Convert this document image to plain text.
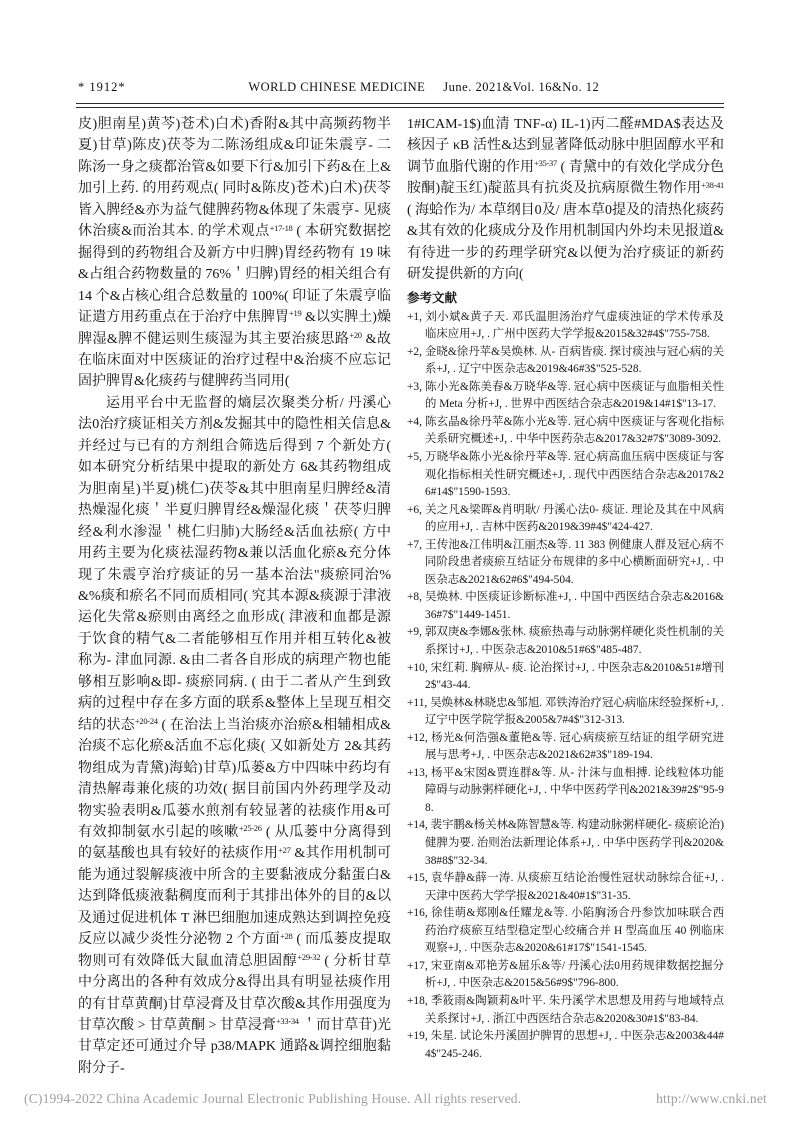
* 1912*	WORLD CHINESE MEDICINE June. 2021&Vol. 16&No. 12

皮)胆南星)黄芩)苍术)白术)香附&其中高频药物半夏)甘草)陈皮)茯苓为二陈汤组成&印证朱震亨- 二陈汤一身之痰都治管&如要下行&加引下药&在上&加引上药. 的用药观点( 同时&陈皮)苍术)白术)茯苓皆入脾经&亦为益气健脾药物&体现了朱震亨- 见痰休治痰&而治其本. 的学术观点$^{+17-18}$ ( 本研究数据挖掘得到的药物组合及新方中归脾)胃经药物有 19 味&占组合药物数量的 76%＇归脾)胃经的相关组合有 14 个&占核心组合总数量的 100%( 印证了朱震亨临证遣方用药重点在于治疗中焦脾胃$^{+19}$ &以实脾土)燥脾湿&脾不健运则生痰湿为其主要治痰思路$^{+20}$ &故在临床面对中医痰证的治疗过程中&治痰不应忘记固护脾胃&化痰药与健脾药当同用(

运用平台中无监督的熵层次聚类分析/ 丹溪心法0治疗痰证相关方剂&发掘其中的隐性相关信息&并经过与已有的方剂组合筛选后得到 7 个新处方( 如本研究分析结果中提取的新处方 6&其药物组成为胆南星)半夏)桃仁)茯苓&其中胆南星归脾经&清热燥湿化痰＇半夏归脾胃经&燥湿化痰＇茯苓归脾经&利水渗湿＇桃仁归肺)大肠经&活血祛瘀( 方中用药主要为化痰祛湿药物&兼以活血化瘀&充分体现了朱震亨治疗痰证的另一基本治法"痰瘀同治%&%痰和瘀名不同而质相同( 究其本源&痰源于津液运化失常&瘀则由离经之血形成( 津液和血都是源于饮食的精气&二者能够相互作用并相互转化&被称为- 津血同源. &由二者各自形成的病理产物也能够相互影响&即- 痰瘀同病. ( 由于二者从产生到致病的过程中存在多方面的联系&整体上呈现互相交结的状态$^{+20-24}$ ( 在治法上当治痰亦治瘀&相辅相成&治痰不忘化瘀&活血不忘化痰( 又如新处方 2&其药物组成为青黛)海蛤)甘草)瓜蒌&方中四味中药均有清热解毒兼化痰的功效( 据目前国内外药理学及动物实验表明&瓜蒌水煎剂有较显著的祛痰作用&可有效抑制氨水引起的咳嗽$^{+25-26}$ ( 从瓜蒌中分离得到的氨基酸也具有较好的祛痰作用$^{+27}$ &其作用机制可能为通过裂解痰液中所含的主要黏液成分黏蛋白&达到降低痰液黏稠度而利于其排出体外的目的&以及通过促进机体 T 淋巴细胞加速成熟达到调控免疫反应以减少炎性分泌物 2 个方面$^{+28}$ ( 而瓜蒌皮提取物则可有效降低大鼠血清总胆固醇$^{+29-32}$ ( 分析甘草中分离出的各种有效成分&得出具有明显祛痰作用的有甘草黄酮)甘草浸膏及甘草次酸&其作用强度为甘草次酸 > 甘草黄酮 > 甘草浸膏$^{+33-34}$ ＇而甘草苷)光甘草定还可通过介导 p38/MAPK 通路&调控细胞黏附分子-

1#ICAM-1$)血清 TNF-α) IL-1)丙二醛#MDA$表达及核因子 κB 活性&达到显著降低动脉中胆固醇水平和调节血脂代谢的作用$^{+35-37}$ ( 青黛中的有效化学成分色胺酮)靛玉红)靛蓝具有抗炎及抗病原微生物作用$^{+38-41}$ ( 海蛤作为/ 本草纲目0及/ 唐本草0提及的清热化痰药&其有效的化痰成分及作用机制国内外均未见报道&有待进一步的药理学研究&以便为治疗痰证的新药研发提供新的方向(

参考文献

+1, 刘小斌&黄子天. 邓氏温胆汤治疗气虚痰浊证的学术传承及临床应用+J, . 广州中医药大学学报&2015&32#4$"755-758.

+2, 金晓&徐丹苹&吴焕林. 从- 百病皆痰. 探讨痰浊与冠心病的关系+J, . 辽宁中医杂志&2019&46#3$"525-528.

+3, 陈小光&陈美春&万晓华&等. 冠心病中医痰证与血脂相关性的 Meta 分析+J, . 世界中西医结合杂志&2019&14#1$"13-17.

+4, 陈玄晶&徐丹苹&陈小光&等. 冠心病中医痰证与客观化指标关系研究概述+J, . 中华中医药杂志&2017&32#7$"3089-3092.

+5, 万晓华&陈小光&徐丹苹&等. 冠心病高血压病中医痰证与客观化指标相关性研究概述+J, . 现代中西医结合杂志&2017&26#14$"1590-1593.

+6, 关之凡&梁晖&肖明耿/ 丹溪心法0- 痰证. 理论及其在中风病的应用+J, . 吉林中医药&2019&39#4$"424-427.

+7, 王传池&冮伟明&江丽杰&等. 11 383 例健康人群及冠心病不同阶段患者痰瘀互结证分布规律的多中心横断面研究+J, . 中医杂志&2021&62#6$"494-504.

+8, 吴焕林. 中医痰证诊断标准+J, . 中国中西医结合杂志&2016&36#7$"1449-1451.

+9, 郭双庚&李娜&张林. 痰瘀热毒与动脉粥样硬化炎性机制的关系探讨+J, . 中医杂志&2010&51#6$"485-487.

+10, 宋红莉. 胸痹从- 痰. 论治探讨+J, . 中医杂志&2010&51#增刊2$"43-44.

+11, 吴焕林&林晓忠&邹旭. 邓铁涛治疗冠心病临床经验探析+J, . 辽宁中医学院学报&2005&7#4$"312-313.

+12, 杨光&何浩强&董艳&等. 冠心病痰瘀互结证的组学研究进展与思考+J, . 中医杂志&2021&62#3$"189-194.

+13, 杨平&宋囡&贾连群&等. 从- 汁沫与血相搏. 论线粒体功能障碍与动脉粥样硬化+J, . 中华中医药学刊&2021&39#2$"95-98.

+14, 裴宇鹏&杨关林&陈智慧&等. 构建动脉粥样硬化- 痰瘀论治)健脾为要. 治则治法新理论体系+J, . 中华中医药学刊&2020&38#8$"32-34.

+15, 袁华静&薛一涛. 从痰瘀互结论治慢性冠状动脉综合征+J, . 天津中医药大学学报&2021&40#1$"31-35.

+16, 徐佳萌&郑刚&任耀龙&等. 小陷胸汤合丹参饮加味联合西药治疗痰瘀互结型稳定型心绞痛合并 H 型高血压 40 例临床观察+J, . 中医杂志&2020&61#17$"1541-1545.

+17, 宋亚南&邓艳芳&屈乐&等/ 丹溪心法0用药规律数据挖掘分析+J, . 中医杂志&2015&56#9$"796-800.

+18, 季筱雨&陶颖莉&叶平. 朱丹溪学术思想及用药与地域特点关系探讨+J, . 浙江中西医结合杂志&2020&30#1$"83-84.

+19, 朱星. 试论朱丹溪固护脾胃的思想+J, . 中医杂志&2003&44#4$"245-246.

(C)1994-2022 China Academic Journal Electronic Publishing House. All rights reserved.	http://www.cnki.net
